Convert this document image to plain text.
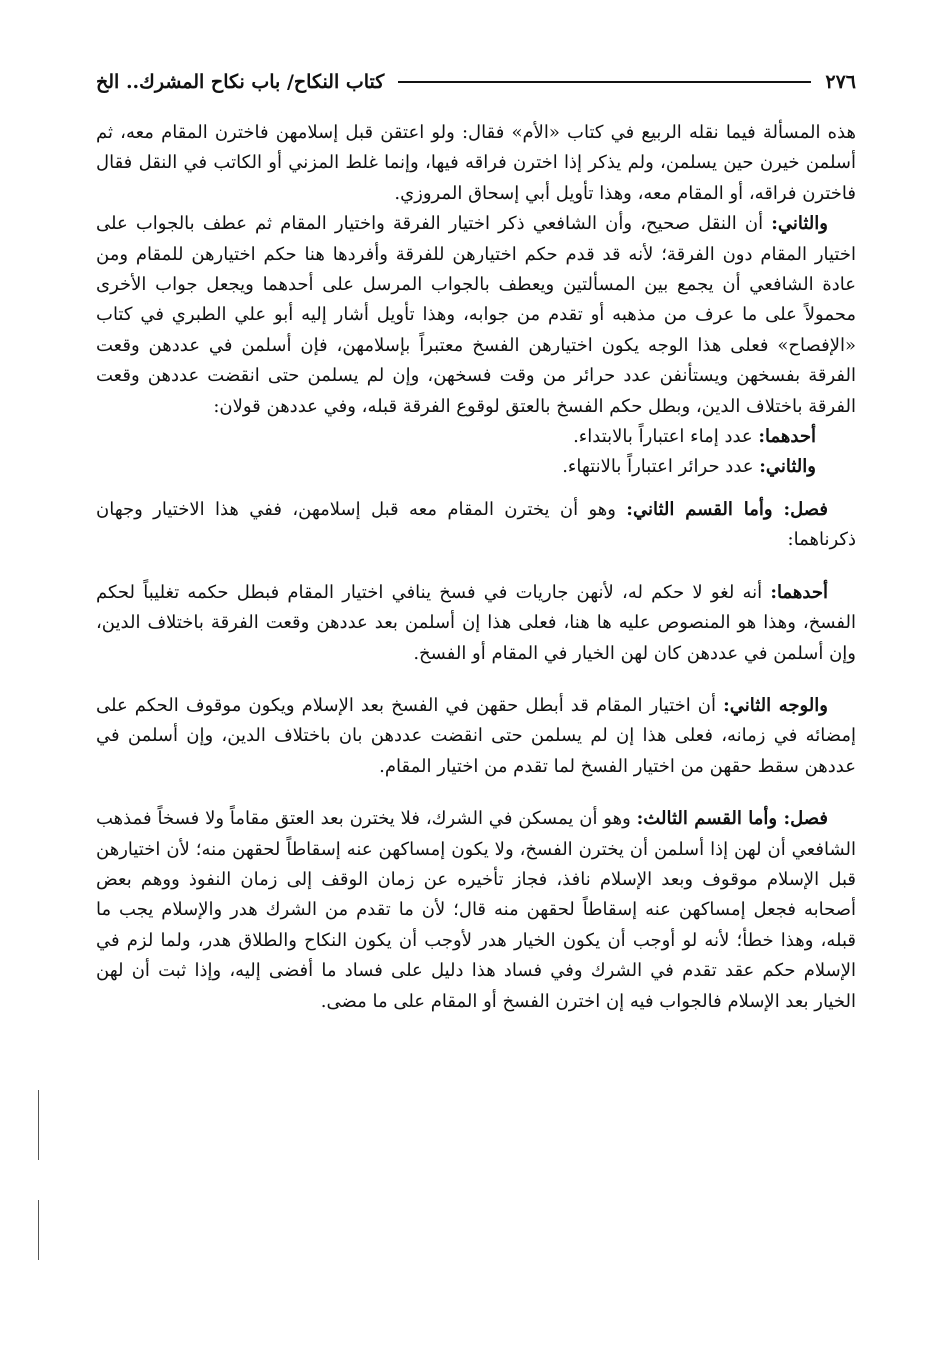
٢٧٦
كتاب النكاح/ باب نكاح المشرك.. الخ

هذه المسألة فيما نقله الربيع في كتاب «الأم» فقال: ولو اعتقن قبل إسلامهن فاخترن المقام معه، ثم أسلمن خيرن حين يسلمن، ولم يذكر إذا اخترن فراقه فيها، وإنما غلط المزني أو الكاتب في النقل فقال فاخترن فراقه، أو المقام معه، وهذا تأويل أبي إسحاق المروزي.

والثاني: أن النقل صحيح، وأن الشافعي ذكر اختيار الفرقة واختيار المقام ثم عطف بالجواب على اختيار المقام دون الفرقة؛ لأنه قد قدم حكم اختيارهن للفرقة وأفردها هنا حكم اختيارهن للمقام ومن عادة الشافعي أن يجمع بين المسألتين ويعطف بالجواب المرسل على أحدهما ويجعل جواب الأخرى محمولاً على ما عرف من مذهبه أو تقدم من جوابه، وهذا تأويل أشار إليه أبو علي الطبري في كتاب «الإفصاح» فعلى هذا الوجه يكون اختيارهن الفسخ معتبراً بإسلامهن، فإن أسلمن في عددهن وقعت الفرقة بفسخهن ويستأنفن عدد حرائر من وقت فسخهن، وإن لم يسلمن حتى انقضت عددهن وقعت الفرقة باختلاف الدين، وبطل حكم الفسخ بالعتق لوقوع الفرقة قبله، وفي عددهن قولان:

أحدهما: عدد إماء اعتباراً بالابتداء.

والثاني: عدد حرائر اعتباراً بالانتهاء.

فصل: وأما القسم الثاني: وهو أن يخترن المقام معه قبل إسلامهن، ففي هذا الاختيار وجهان ذكرناهما:

أحدهما: أنه لغو لا حكم له، لأنهن جاريات في فسخ ينافي اختيار المقام فبطل حكمه تغليباً لحكم الفسخ، وهذا هو المنصوص عليه ها هنا، فعلى هذا إن أسلمن بعد عددهن وقعت الفرقة باختلاف الدين، وإن أسلمن في عددهن كان لهن الخيار في المقام أو الفسخ.

والوجه الثاني: أن اختيار المقام قد أبطل حقهن في الفسخ بعد الإسلام ويكون موقوف الحكم على إمضائه في زمانه، فعلى هذا إن لم يسلمن حتى انقضت عددهن بان باختلاف الدين، وإن أسلمن في عددهن سقط حقهن من اختيار الفسخ لما تقدم من اختيار المقام.

فصل: وأما القسم الثالث: وهو أن يمسكن في الشرك، فلا يخترن بعد العتق مقاماً ولا فسخاً فمذهب الشافعي أن لهن إذا أسلمن أن يخترن الفسخ، ولا يكون إمساكهن عنه إسقاطاً لحقهن منه؛ لأن اختيارهن قبل الإسلام موقوف وبعد الإسلام نافذ، فجاز تأخيره عن زمان الوقف إلى زمان النفوذ ووهم بعض أصحابه فجعل إمساكهن عنه إسقاطاً لحقهن منه قال؛ لأن ما تقدم من الشرك هدر والإسلام يجب ما قبله، وهذا خطأ؛ لأنه لو أوجب أن يكون الخيار هدر لأوجب أن يكون النكاح والطلاق هدر، ولما لزم في الإسلام حكم عقد تقدم في الشرك وفي فساد هذا دليل على فساد ما أفضى إليه، وإذا ثبت أن لهن الخيار بعد الإسلام فالجواب فيه إن اخترن الفسخ أو المقام على ما مضى.
